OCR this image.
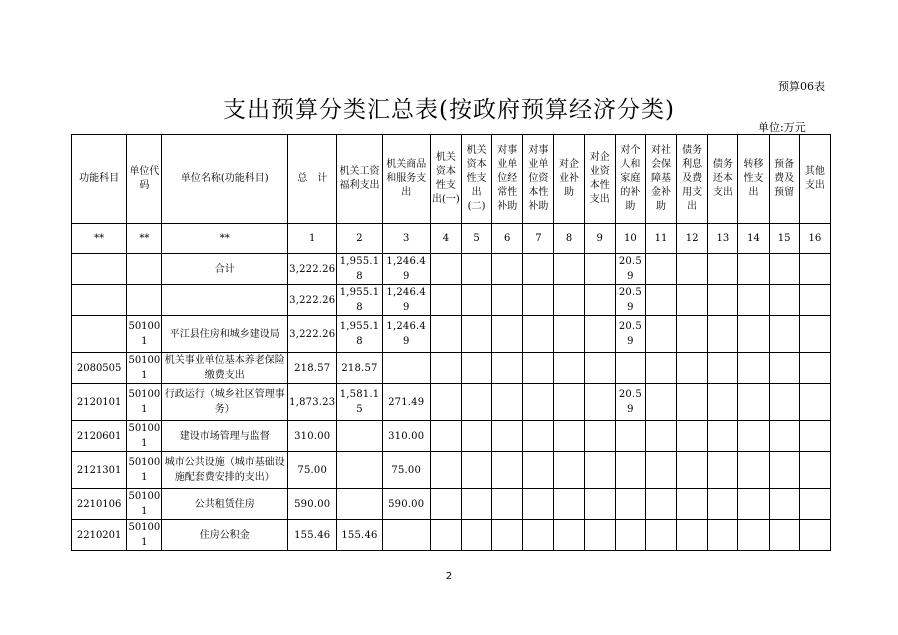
预算06表
支出预算分类汇总表(按政府预算经济分类)
单位:万元
功能科目	单位代码	单位名称(功能科目)	总　计	机关工资福利支出	机关商品和服务支出	机关资本性支出(一)	机关资本性支出(二)	对事业单位经常性补助	对事业单位资本性补助	对企业补助	对企业资本性支出	对个人和家庭的补助	对社会保障基金补助	债务利息及费用支出	债务还本支出	转移性支出	预备费及预留	其他支出
**	**	**	1	2	3	4	5	6	7	8	9	10	11	12	13	14	15	16
		合计	3,222.26	1,955.18	1,246.49							20.59						
			3,222.26	1,955.18	1,246.49							20.59						
	501001	平江县住房和城乡建设局	3,222.26	1,955.18	1,246.49							20.59						
2080505	501001	机关事业单位基本养老保险缴费支出	218.57	218.57														
2120101	501001	行政运行（城乡社区管理事务）	1,873.23	1,581.15	271.49							20.59						
2120601	501001	建设市场管理与监督	310.00		310.00													
2121301	501001	城市公共设施（城市基础设施配套费安排的支出）	75.00		75.00													
2210106	501001	公共租赁住房	590.00		590.00													
2210201	501001	住房公积金	155.46	155.46														
2
